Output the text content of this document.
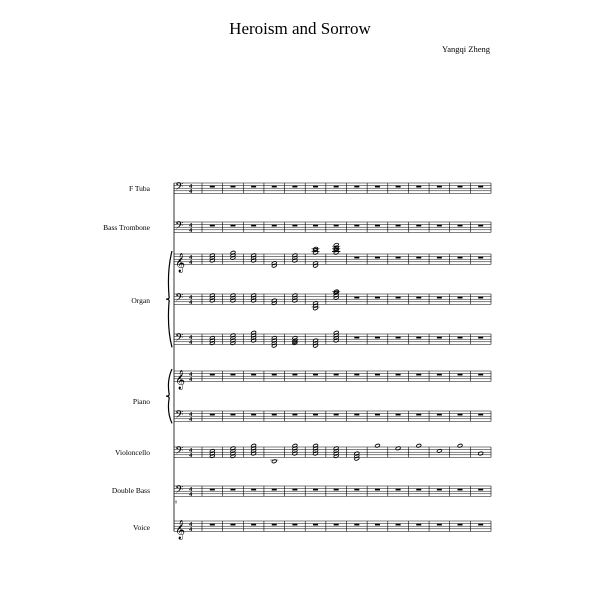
Heroism and Sorrow
Yangqi Zheng
F Tuba
Bass Trombone
Organ
Piano
Violoncello
Double Bass
Voice
𝄢
𝄢
𝄞
𝄢
𝄢
𝄞
𝄢
𝄢
𝄢
8
𝄞
4
4
4
4
4
4
4
4
4
4
4
4
4
4
4
4
4
4
4
4
